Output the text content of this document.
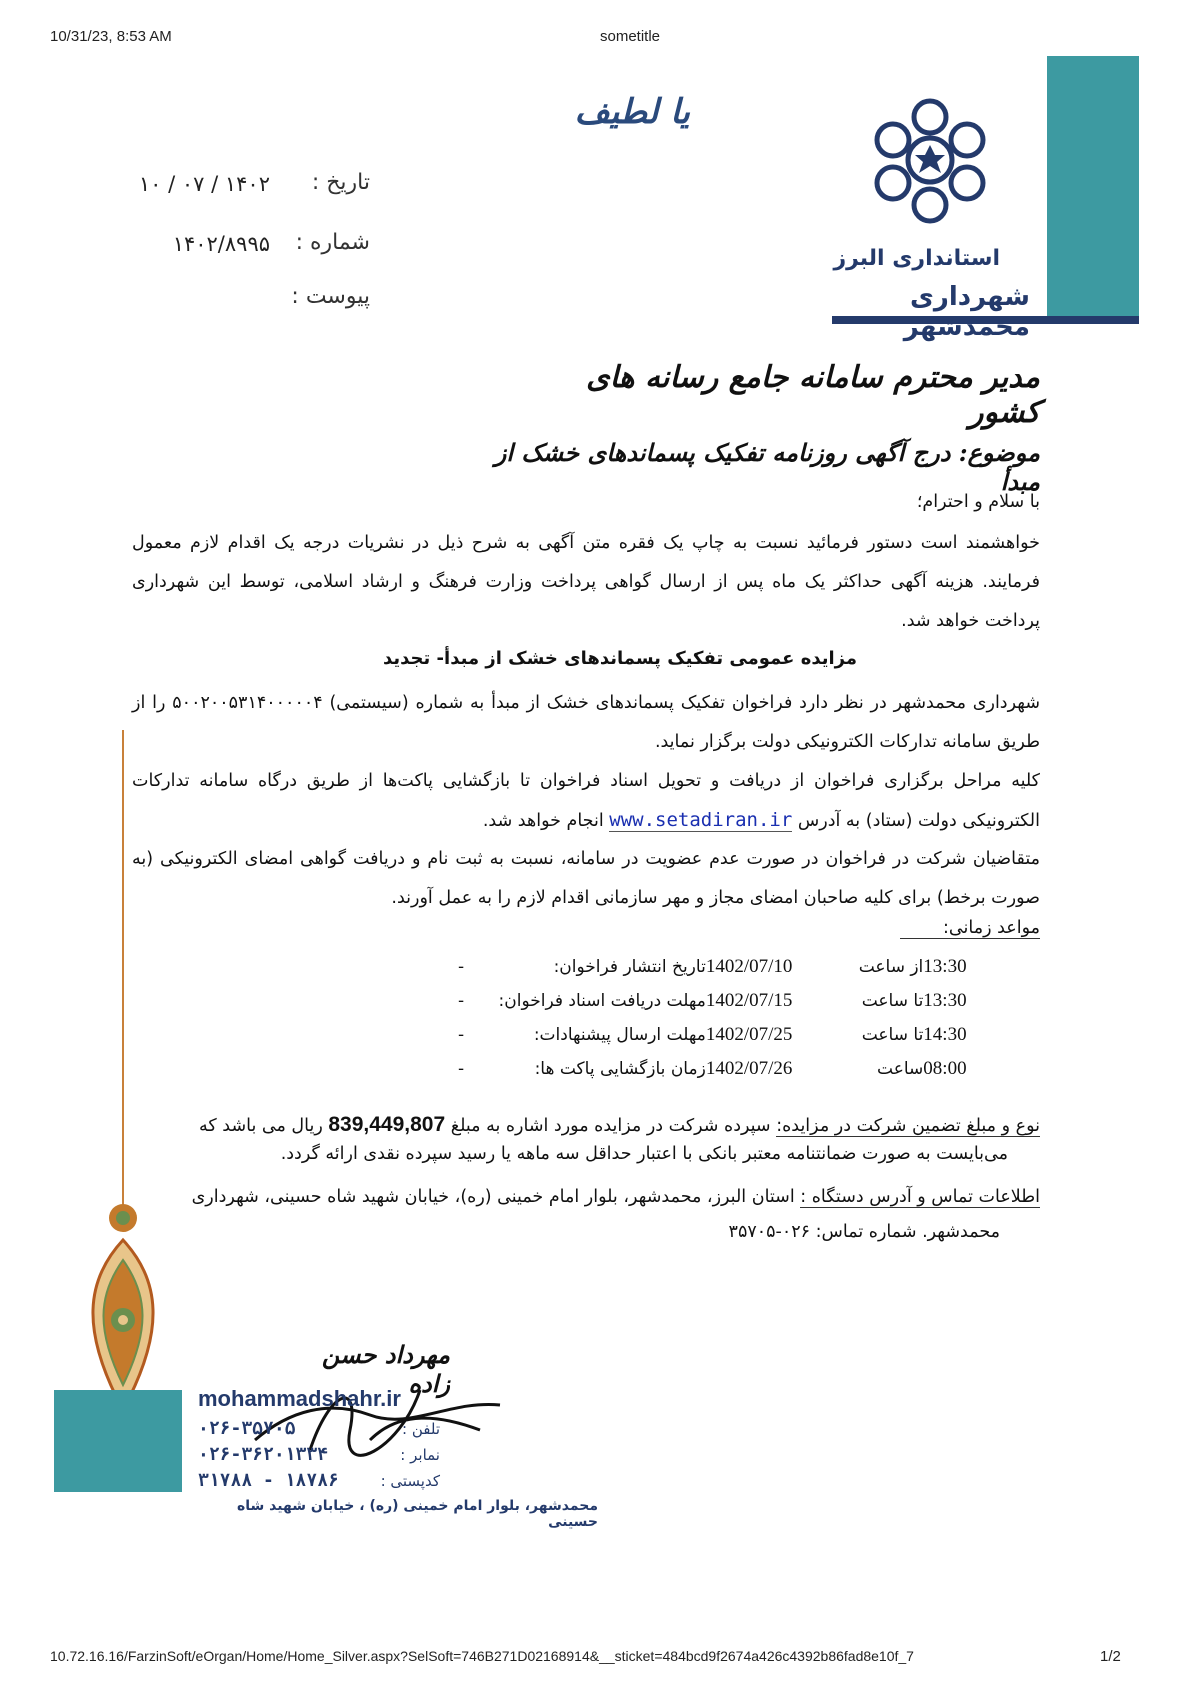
10/31/23, 8:53 AM	sometitle
10.72.16.16/FarzinSoft/eOrgan/Home/Home_Silver.aspx?SelSoft=746B271D02168914&__sticket=484bcd9f2674a426c4392b86fad8e10f_7	1/2
استانداری البرز
شهرداری محمدشهر
یا لطیف
تاریخ :
۱۴۰۲ / ۰۷ / ۱۰
شماره :
۱۴۰۲/۸۹۹۵
پیوست :
مدیر محترم سامانه جامع رسانه های کشور
موضوع: درج آگهی روزنامه تفکیک پسماندهای خشک از مبدأ
با سلام و احترام؛
خواهشمند است دستور فرمائید نسبت به چاپ یک فقره متن آگهی به شرح ذیل در نشریات درجه یک اقدام لازم معمول فرمایند. هزینه آگهی حداکثر یک ماه پس از ارسال گواهی پرداخت وزارت فرهنگ و ارشاد اسلامی، توسط این شهرداری پرداخت خواهد شد.
مزایده عمومی تفکیک پسماندهای خشک از مبدأ- تجدید
شهرداری محمدشهر در نظر دارد فراخوان تفکیک پسماندهای خشک از مبدأ به شماره (سیستمی) ۵۰۰۲۰۰۵۳۱۴۰۰۰۰۰۴ را از طریق سامانه تدارکات الکترونیکی دولت برگزار نماید.
کلیه مراحل برگزاری فراخوان از دریافت و تحویل اسناد فراخوان تا بازگشایی پاکت‌ها از طریق درگاه سامانه تدارکات الکترونیکی دولت (ستاد) به آدرس www.setadiran.ir انجام خواهد شد.
متقاضیان شرکت در فراخوان در صورت عدم عضویت در سامانه، نسبت به ثبت نام و دریافت گواهی امضای الکترونیکی (به صورت برخط) برای کلیه صاحبان امضای مجاز و مهر سازمانی اقدام لازم را به عمل آورند.
مواعد زمانی:
-	تاریخ انتشار فراخوان:	1402/07/10	از ساعت	13:30
-	مهلت دریافت اسناد فراخوان:	1402/07/15	تا ساعت	13:30
-	مهلت ارسال پیشنهادات:	1402/07/25	تا ساعت	14:30
-	زمان بازگشایی پاکت ها:	1402/07/26	ساعت	08:00
نوع و مبلغ تضمین شرکت در مزایده: سپرده شرکت در مزایده مورد اشاره به مبلغ 839,449,807 ریال می باشد که
می‌بایست به صورت ضمانتنامه معتبر بانکی با اعتبار حداقل سه ماهه یا رسید سپرده نقدی ارائه گردد.
اطلاعات تماس و آدرس دستگاه : استان البرز، محمدشهر، بلوار امام خمینی (ره)، خیابان شهید شاه حسینی، شهرداری
محمدشهر. شماره تماس: ۰۲۶-۳۵۷۰۵
مهرداد حسن زاده
mohammadshahr.ir
۰۲۶-۳۵۷۰۵	تلفن :
۰۲۶-۳۶۲۰۱۳۳۴	نمابر :
۳۱۷۸۸ - ۱۸۷۸۶	کدپستی :
محمدشهر، بلوار امام خمینی (ره) ، خیابان شهید شاه حسینی
